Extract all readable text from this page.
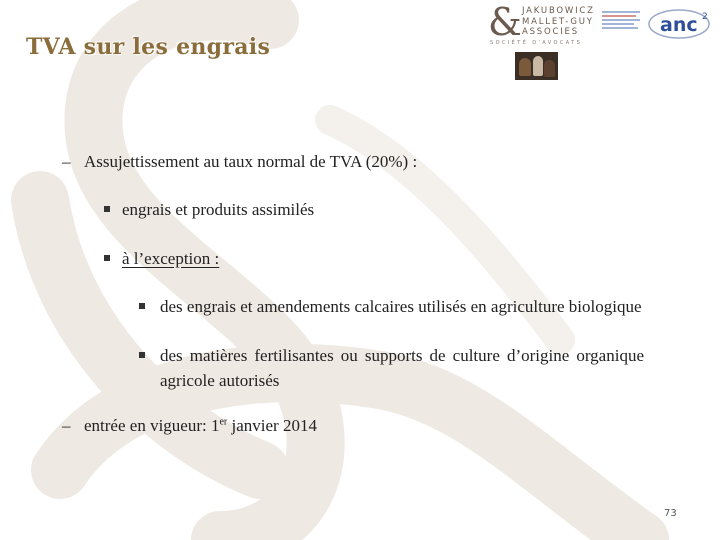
TVA sur les engrais
& JAKUBOWICZ
MALLET-GUY
ASSOCIES
SOCIÉTÉ D'AVOCATS
anc 2
– Assujettissement au taux normal de TVA (20%) :
engrais et produits assimilés
à l’exception :
des engrais et amendements calcaires utilisés en agriculture biologique
des matières fertilisantes ou supports de culture d’origine organique agricole autorisés
– entrée en vigueur: 1er janvier 2014
73
